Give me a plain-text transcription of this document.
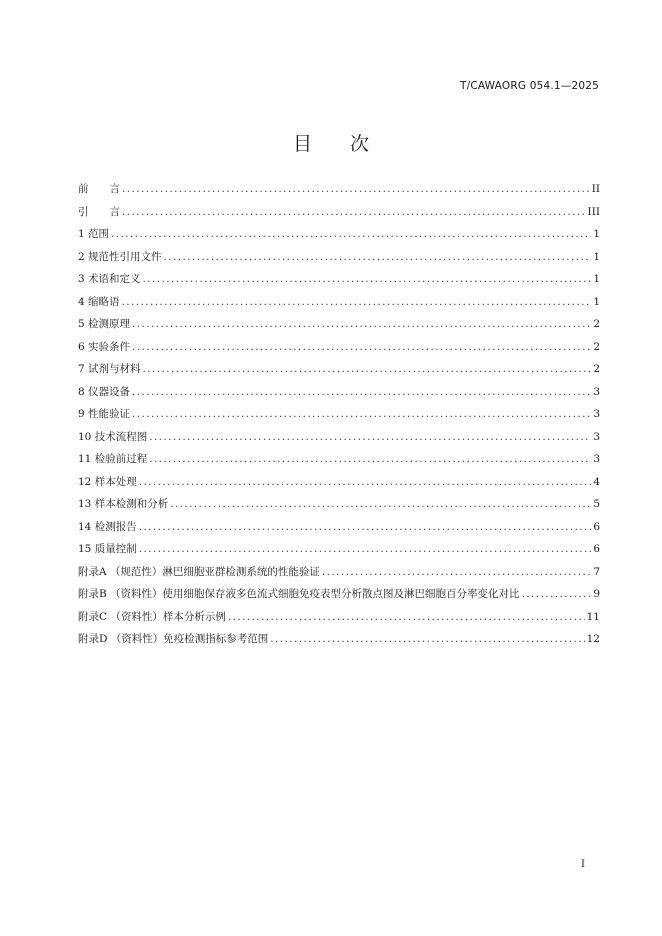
T/CAWAORG 054.1—2025
目　　次
前　　言 .....	II
引　　言 .....	III
1 范围 .....	1
2 规范性引用文件 .....	1
3 术语和定义 .....	1
4 缩略语 .....	1
5 检测原理 .....	2
6 实验条件 .....	2
7 试剂与材料 .....	2
8 仪器设备 .....	3
9 性能验证 .....	3
10 技术流程图 .....	3
11 检验前过程 .....	3
12 样本处理 .....	4
13 样本检测和分析 .....	5
14 检测报告 .....	6
15 质量控制 .....	6
附录A （规范性）淋巴细胞亚群检测系统的性能验证 .....	7
附录B （资料性）使用细胞保存液多色流式细胞免疫表型分析散点图及淋巴细胞百分率变化对比 .....	9
附录C （资料性）样本分析示例 .....	11
附录D （资料性）免疫检测指标参考范围 .....	12
I
